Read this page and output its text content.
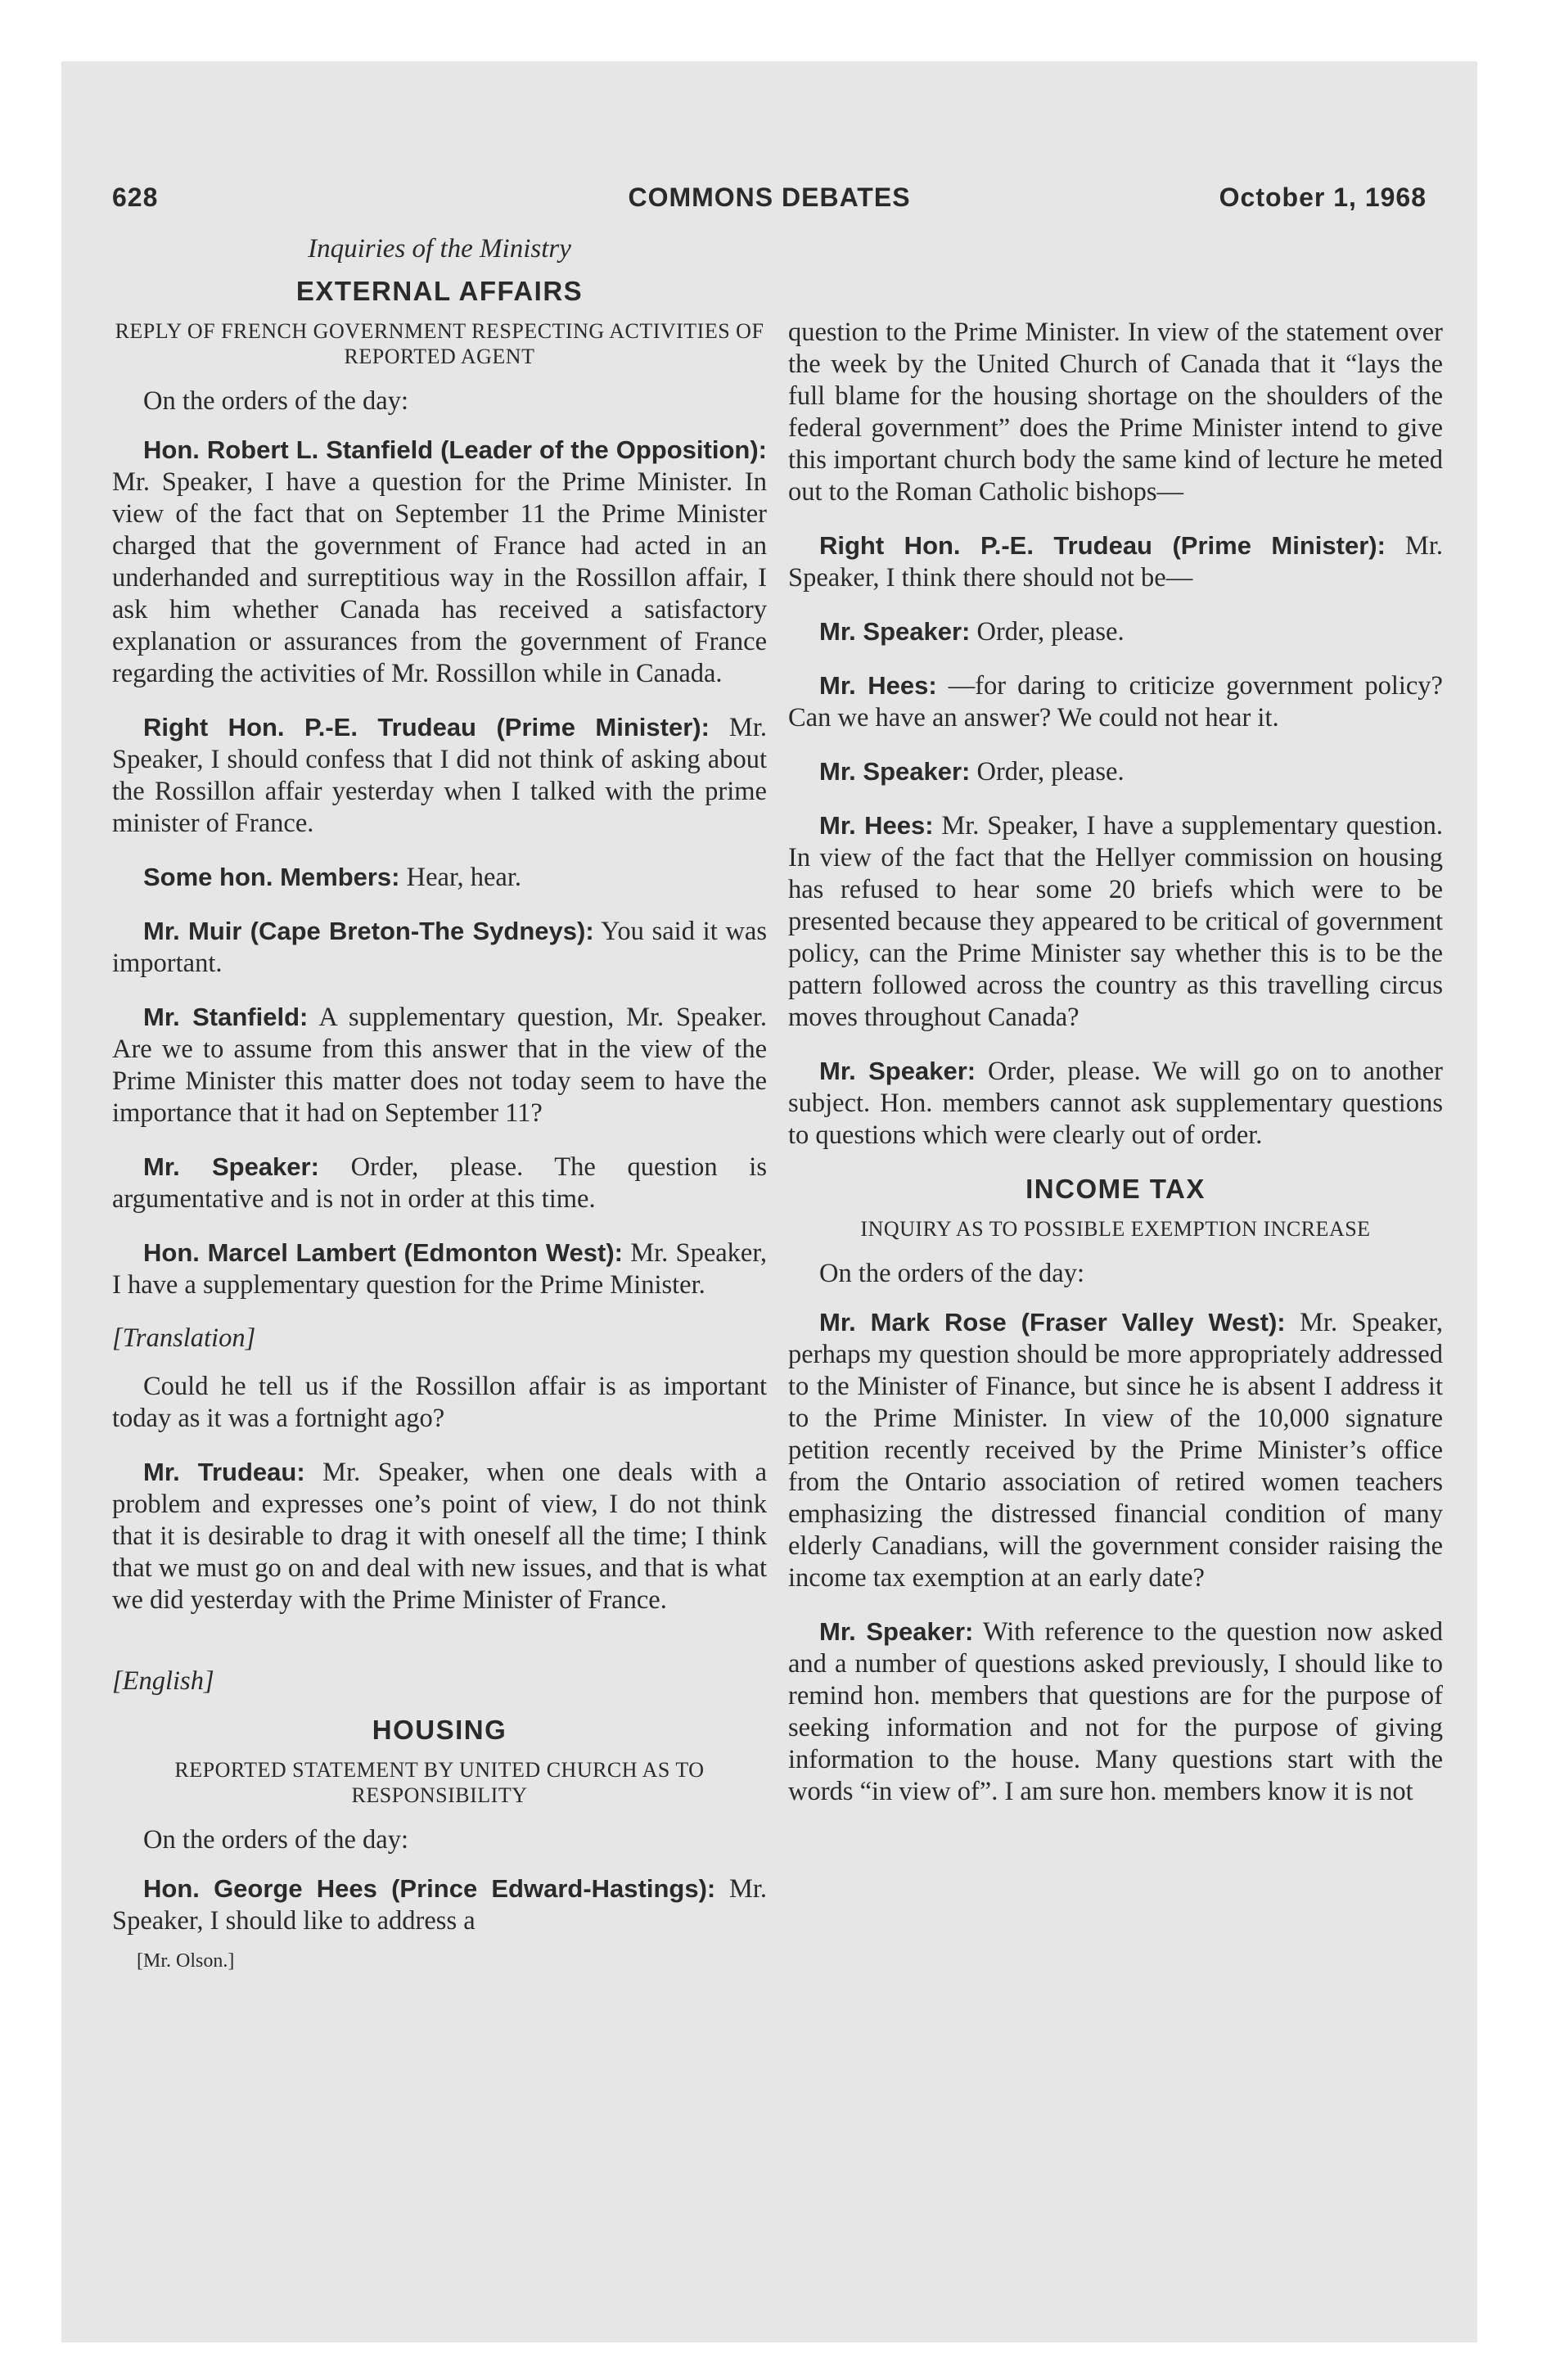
628	COMMONS DEBATES	October 1, 1968
Inquiries of the Ministry
EXTERNAL AFFAIRS
REPLY OF FRENCH GOVERNMENT RESPECTING ACTIVITIES OF REPORTED AGENT
On the orders of the day:

Hon. Robert L. Stanfield (Leader of the Opposition): Mr. Speaker, I have a question for the Prime Minister. In view of the fact that on September 11 the Prime Minister charged that the government of France had acted in an underhanded and surreptitious way in the Rossillon affair, I ask him whether Canada has received a satisfactory explanation or assurances from the government of France regarding the activities of Mr. Rossillon while in Canada.

Right Hon. P.-E. Trudeau (Prime Minister): Mr. Speaker, I should confess that I did not think of asking about the Rossillon affair yesterday when I talked with the prime minister of France.

Some hon. Members: Hear, hear.

Mr. Muir (Cape Breton-The Sydneys): You said it was important.

Mr. Stanfield: A supplementary question, Mr. Speaker. Are we to assume from this answer that in the view of the Prime Minister this matter does not today seem to have the importance that it had on September 11?

Mr. Speaker: Order, please. The question is argumentative and is not in order at this time.

Hon. Marcel Lambert (Edmonton West): Mr. Speaker, I have a supplementary question for the Prime Minister.

[Translation]

Could he tell us if the Rossillon affair is as important today as it was a fortnight ago?

Mr. Trudeau: Mr. Speaker, when one deals with a problem and expresses one’s point of view, I do not think that it is desirable to drag it with oneself all the time; I think that we must go on and deal with new issues, and that is what we did yesterday with the Prime Minister of France.

[English]
HOUSING
REPORTED STATEMENT BY UNITED CHURCH AS TO RESPONSIBILITY
On the orders of the day:

Hon. George Hees (Prince Edward-Hastings): Mr. Speaker, I should like to address a

[Mr. Olson.]

question to the Prime Minister. In view of the statement over the week by the United Church of Canada that it “lays the full blame for the housing shortage on the shoulders of the federal government” does the Prime Minister intend to give this important church body the same kind of lecture he meted out to the Roman Catholic bishops—

Right Hon. P.-E. Trudeau (Prime Minister): Mr. Speaker, I think there should not be—

Mr. Speaker: Order, please.

Mr. Hees: —for daring to criticize government policy? Can we have an answer? We could not hear it.

Mr. Speaker: Order, please.

Mr. Hees: Mr. Speaker, I have a supplementary question. In view of the fact that the Hellyer commission on housing has refused to hear some 20 briefs which were to be presented because they appeared to be critical of government policy, can the Prime Minister say whether this is to be the pattern followed across the country as this travelling circus moves throughout Canada?

Mr. Speaker: Order, please. We will go on to another subject. Hon. members cannot ask supplementary questions to questions which were clearly out of order.

INCOME TAX
INQUIRY AS TO POSSIBLE EXEMPTION INCREASE
On the orders of the day:

Mr. Mark Rose (Fraser Valley West): Mr. Speaker, perhaps my question should be more appropriately addressed to the Minister of Finance, but since he is absent I address it to the Prime Minister. In view of the 10,000 signature petition recently received by the Prime Minister’s office from the Ontario association of retired women teachers emphasizing the distressed financial condition of many elderly Canadians, will the government consider raising the income tax exemption at an early date?

Mr. Speaker: With reference to the question now asked and a number of questions asked previously, I should like to remind hon. members that questions are for the purpose of seeking information and not for the purpose of giving information to the house. Many questions start with the words “in view of”. I am sure hon. members know it is not
